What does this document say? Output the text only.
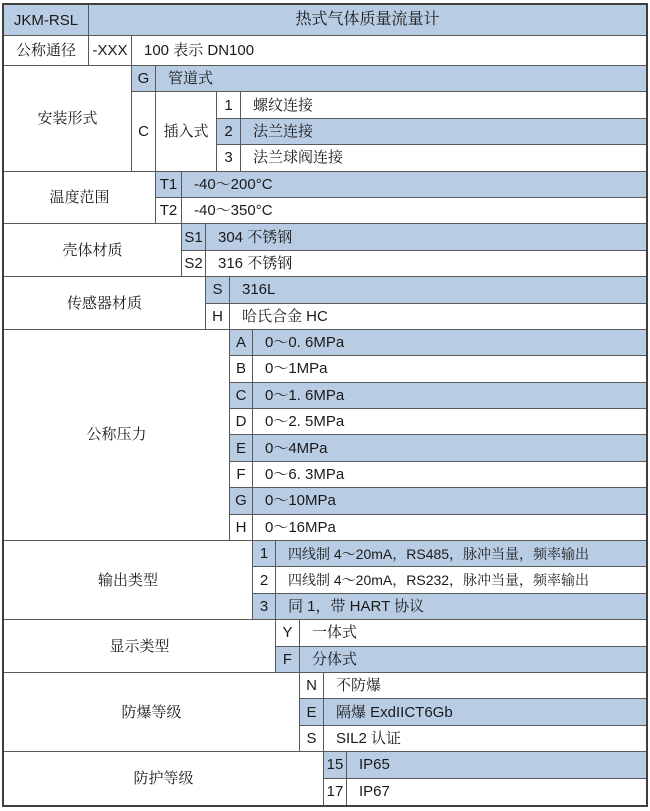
JKM-RSL	热式气体质量流量计
公称通径	-XXX	100 表示 DN100
安装形式
G	管道式
C 插入式
1	螺纹连接
2	法兰连接
3	法兰球阀连接
温度范围
T1	-40～200°C
T2	-40～350°C
壳体材质
S1	304 不锈钢
S2	316 不锈钢
传感器材质
S	316L
H	哈氏合金 HC
公称压力
A	0～0. 6MPa
B	0～1MPa
C	0～1. 6MPa
D	0～2. 5MPa
E	0～4MPa
F	0～6. 3MPa
G	0～10MPa
H	0～16MPa
输出类型
1	四线制 4～20mA，RS485，脉冲当量，频率输出
2	四线制 4～20mA，RS232，脉冲当量，频率输出
3	同 1，带 HART 协议
显示类型
Y	一体式
F	分体式
防爆等级
N	不防爆
E	隔爆 ExdIICT6Gb
S	SIL2 认证
防护等级
15	IP65
17	IP67
